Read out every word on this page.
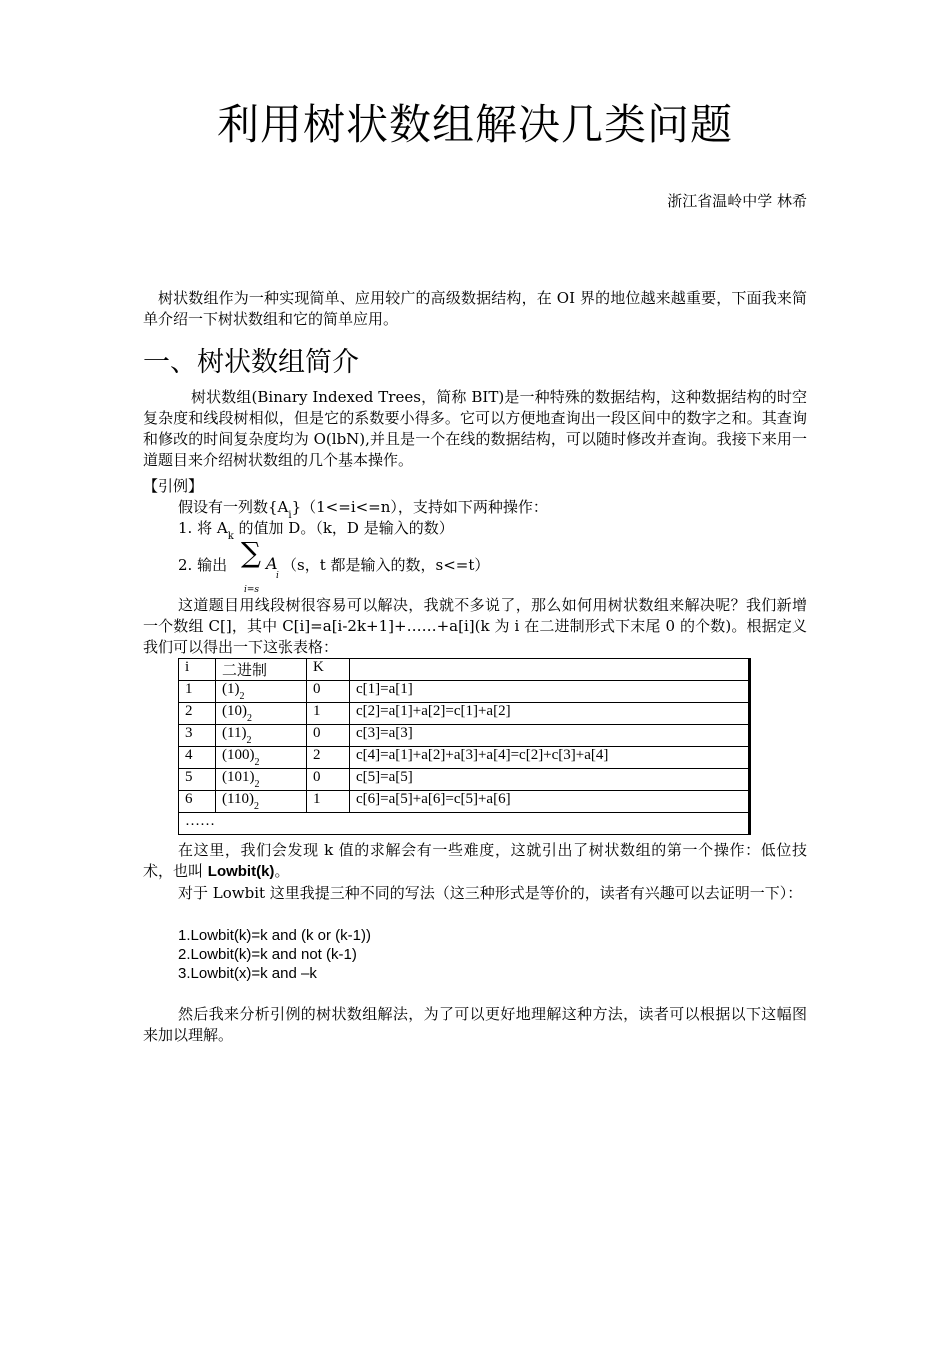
利用树状数组解决几类问题
浙江省温岭中学 林希
树状数组作为一种实现简单、应用较广的高级数据结构，在 OI 界的地位越来越重要，下面我来简单介绍一下树状数组和它的简单应用。
一、树状数组简介
树状数组(Binary Indexed Trees，简称 BIT)是一种特殊的数据结构，这种数据结构的时空复杂度和线段树相似，但是它的系数要小得多。它可以方便地查询出一段区间中的数字之和。其查询和修改的时间复杂度均为 O(lbN),并且是一个在线的数据结构，可以随时修改并查询。我接下来用一道题目来介绍树状数组的几个基本操作。
【引例】
假设有一列数$\{A_i\}(1<=i<=n)$，支持如下两种操作：
1. 将 $A_k$ 的值加 D。（k，D 是输入的数）
2. 输出 ∑ A
i
i=s
（s，t 都是输入的数，s<=t）
这道题目用线段树很容易可以解决，我就不多说了，那么如何用树状数组来解决呢？我们新增一个数组 C[]，其中 C[i]=a[i-2k+1]+……+a[i](k 为 i 在二进制形式下末尾 0 的个数)。根据定义我们可以得出一下这张表格：
i	二进制	K	
1	$(1)_2$	0	c[1]=a[1]
2	$(10)_2$	1	c[2]=a[1]+a[2]=c[1]+a[2]
3	$(11)_2$	0	c[3]=a[3]
4	$(100)_2$	2	c[4]=a[1]+a[2]+a[3]+a[4]=c[2]+c[3]+a[4]
5	$(101)_2$	0	c[5]=a[5]
6	$(110)_2$	1	c[6]=a[5]+a[6]=c[5]+a[6]
……			
在这里，我们会发现 k 值的求解会有一些难度，这就引出了树状数组的第一个操作：低位技术，也叫 Lowbit(k)。
对于 Lowbit 这里我提三种不同的写法（这三种形式是等价的，读者有兴趣可以去证明一下）：
1.Lowbit(k)=k and (k or (k-1))
2.Lowbit(k)=k and not (k-1)
3.Lowbit(x)=k and –k
然后我来分析引例的树状数组解法，为了可以更好地理解这种方法，读者可以根据以下这幅图来加以理解。
